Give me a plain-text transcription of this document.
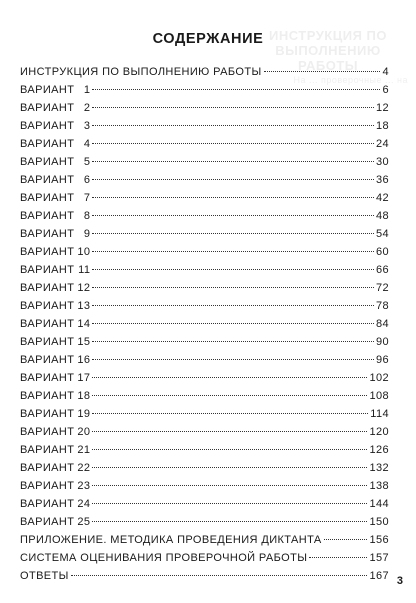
ИНСТРУКЦИЯ ПО ВЫПОЛНЕНИЮ
РАБОТЫ
На ... проверочные ... на
СОДЕРЖАНИЕ
ИНСТРУКЦИЯ ПО ВЫПОЛНЕНИЮ РАБОТЫ	4
ВАРИАНТ 1	6
ВАРИАНТ 2	12
ВАРИАНТ 3	18
ВАРИАНТ 4	24
ВАРИАНТ 5	30
ВАРИАНТ 6	36
ВАРИАНТ 7	42
ВАРИАНТ 8	48
ВАРИАНТ 9	54
ВАРИАНТ 10	60
ВАРИАНТ 11	66
ВАРИАНТ 12	72
ВАРИАНТ 13	78
ВАРИАНТ 14	84
ВАРИАНТ 15	90
ВАРИАНТ 16	96
ВАРИАНТ 17	102
ВАРИАНТ 18	108
ВАРИАНТ 19	114
ВАРИАНТ 20	120
ВАРИАНТ 21	126
ВАРИАНТ 22	132
ВАРИАНТ 23	138
ВАРИАНТ 24	144
ВАРИАНТ 25	150
ПРИЛОЖЕНИЕ. МЕТОДИКА ПРОВЕДЕНИЯ ДИКТАНТА	156
СИСТЕМА ОЦЕНИВАНИЯ ПРОВЕРОЧНОЙ РАБОТЫ	157
ОТВЕТЫ	167 3
